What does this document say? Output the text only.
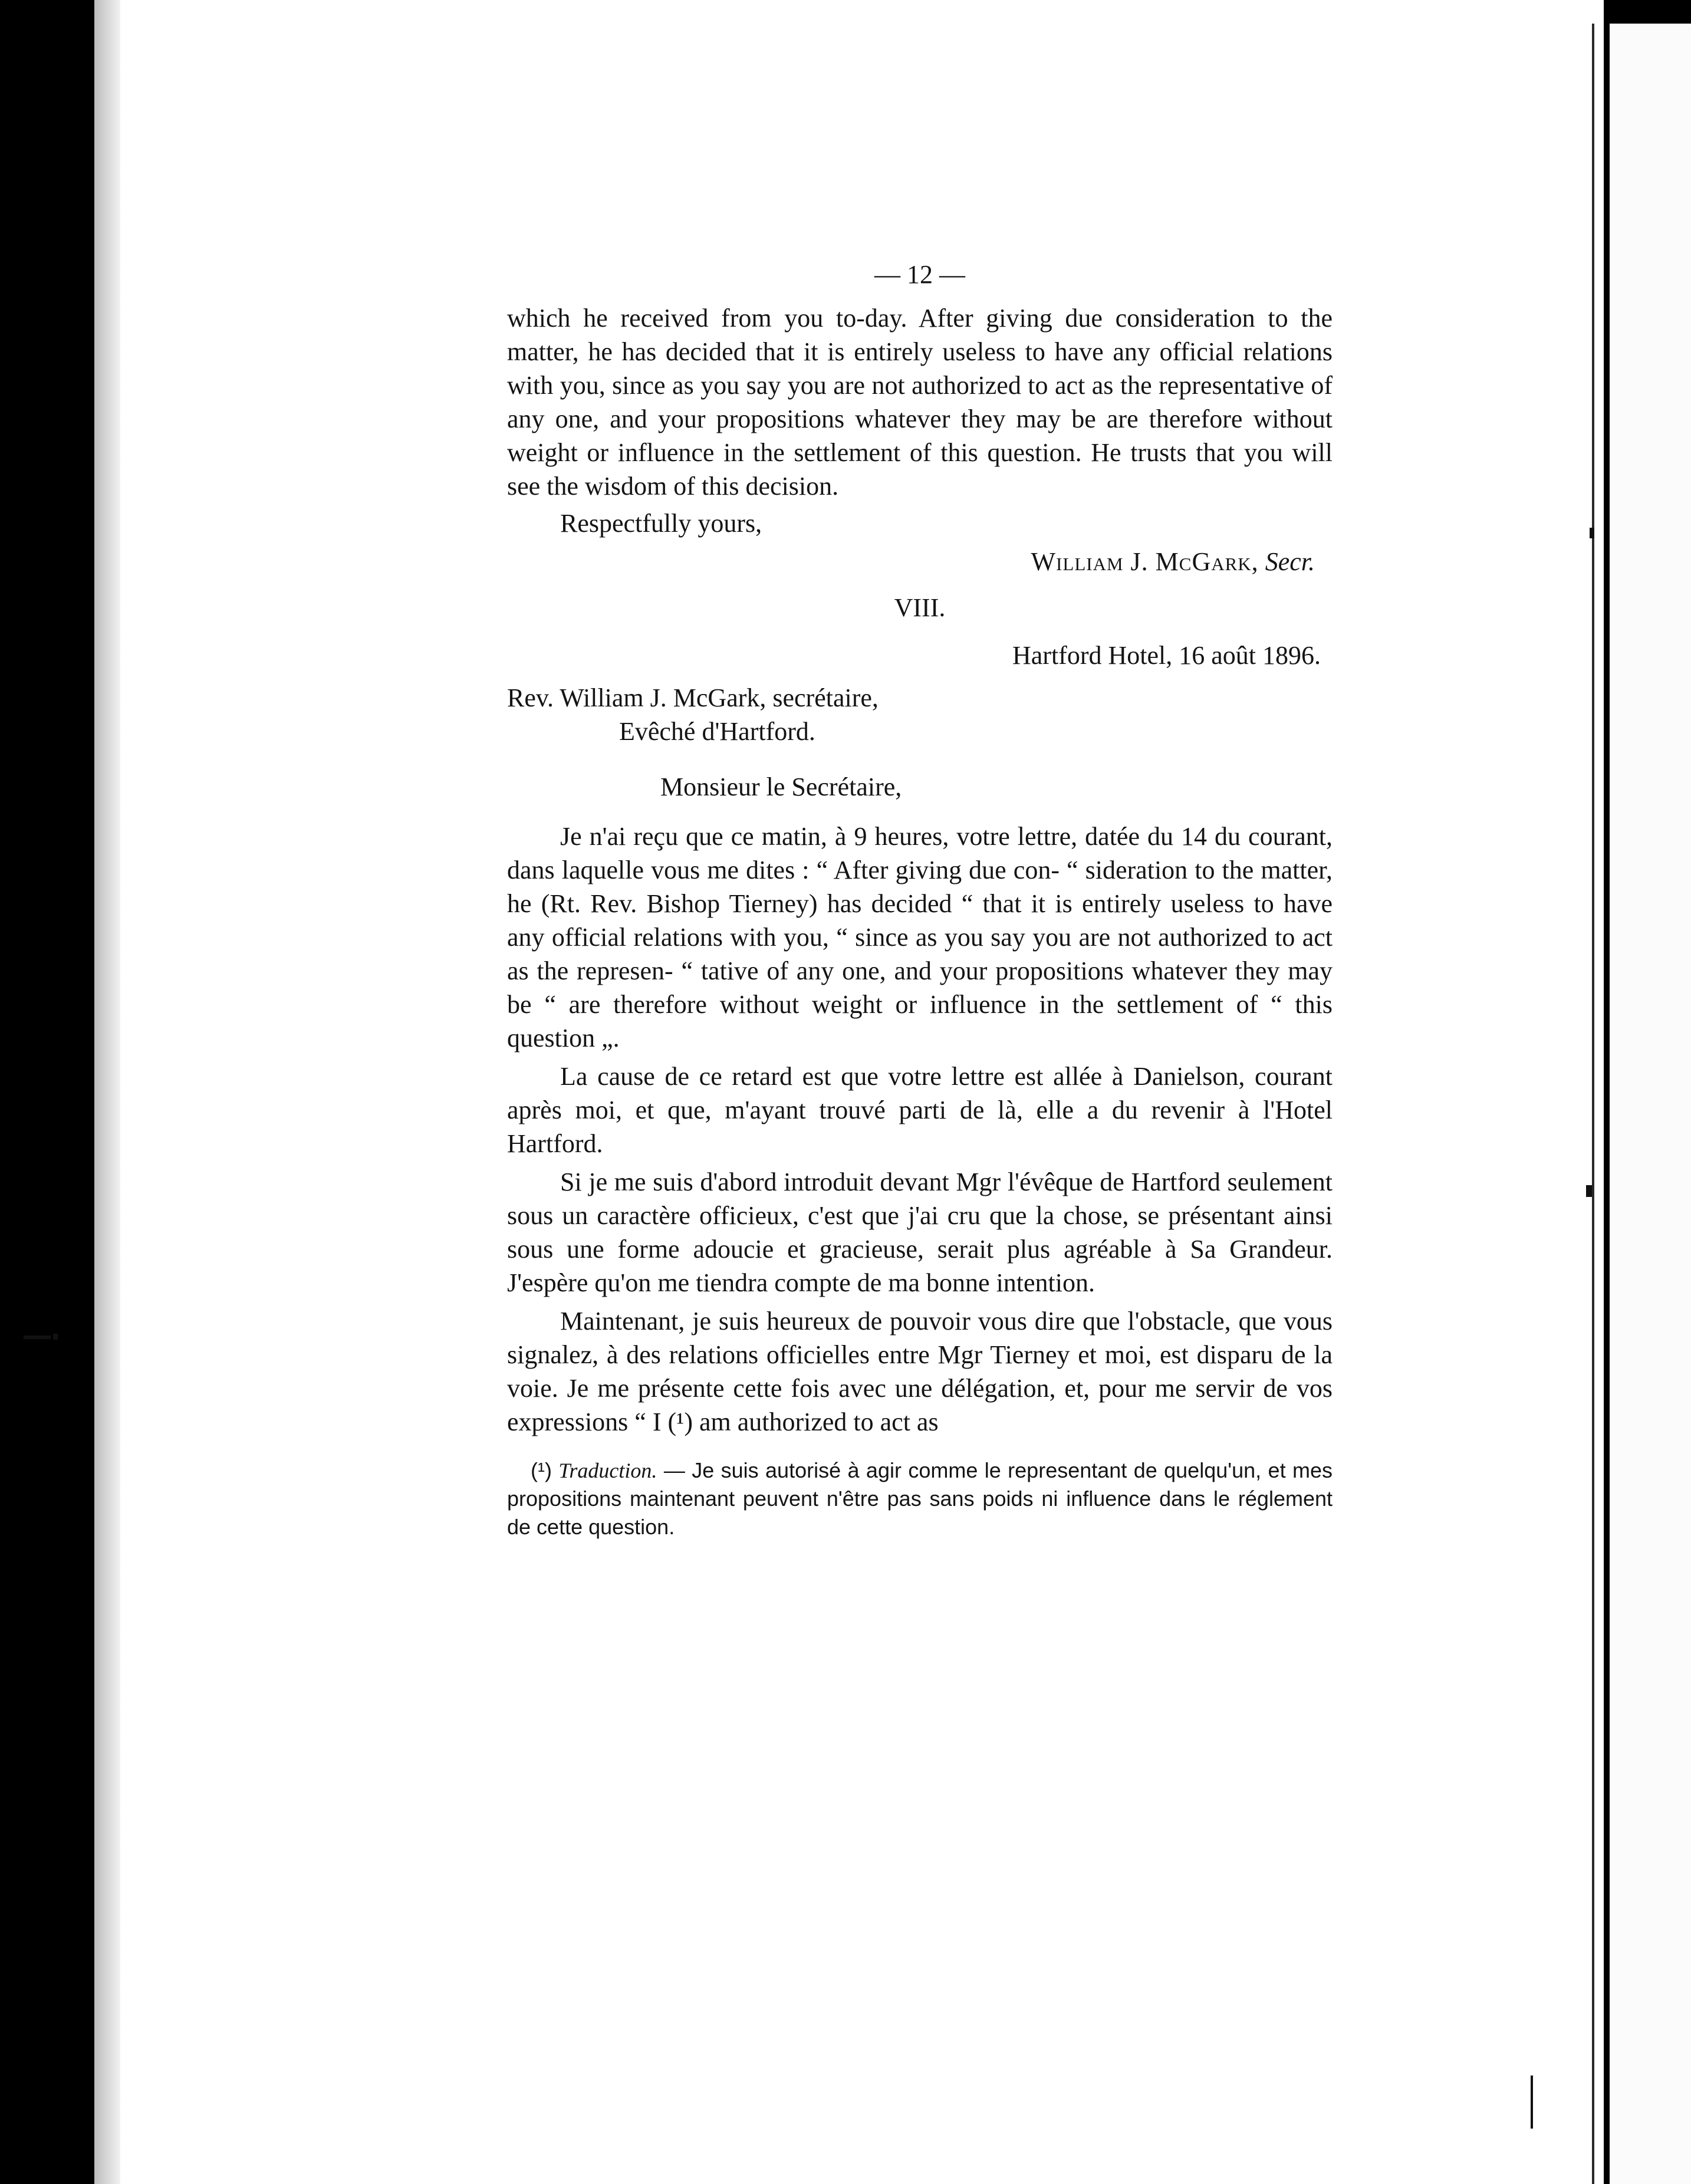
— 12 —

which he received from you to-day. After giving due consideration to the matter, he has decided that it is entirely useless to have any official relations with you, since as you say you are not authorized to act as the representative of any one, and your propositions whatever they may be are therefore without weight or influence in the settlement of this question. He trusts that you will see the wisdom of this decision.

Respectfully yours,
William J. McGark, Secr.
VIII.
Hartford Hotel, 16 août 1896.

Rev. William J. McGark, secrétaire,

Evêché d'Hartford.

Monsieur le Secrétaire,

Je n'ai reçu que ce matin, à 9 heures, votre lettre, datée du 14 du courant, dans laquelle vous me dites : “ After giving due con- “ sideration to the matter, he (Rt. Rev. Bishop Tierney) has decided “ that it is entirely useless to have any official relations with you, “ since as you say you are not authorized to act as the represen- “ tative of any one, and your propositions whatever they may be “ are therefore without weight or influence in the settlement of “ this question „.

La cause de ce retard est que votre lettre est allée à Danielson, courant après moi, et que, m'ayant trouvé parti de là, elle a du revenir à l'Hotel Hartford.

Si je me suis d'abord introduit devant Mgr l'évêque de Hartford seulement sous un caractère officieux, c'est que j'ai cru que la chose, se présentant ainsi sous une forme adoucie et gracieuse, serait plus agréable à Sa Grandeur. J'espère qu'on me tiendra compte de ma bonne intention.

Maintenant, je suis heureux de pouvoir vous dire que l'obstacle, que vous signalez, à des relations officielles entre Mgr Tierney et moi, est disparu de la voie. Je me présente cette fois avec une délégation, et, pour me servir de vos expressions “ I (¹) am authorized to act as

(¹) Traduction. — Je suis autorisé à agir comme le representant de quelqu'un, et mes propositions maintenant peuvent n'être pas sans poids ni influence dans le réglement de cette question.
